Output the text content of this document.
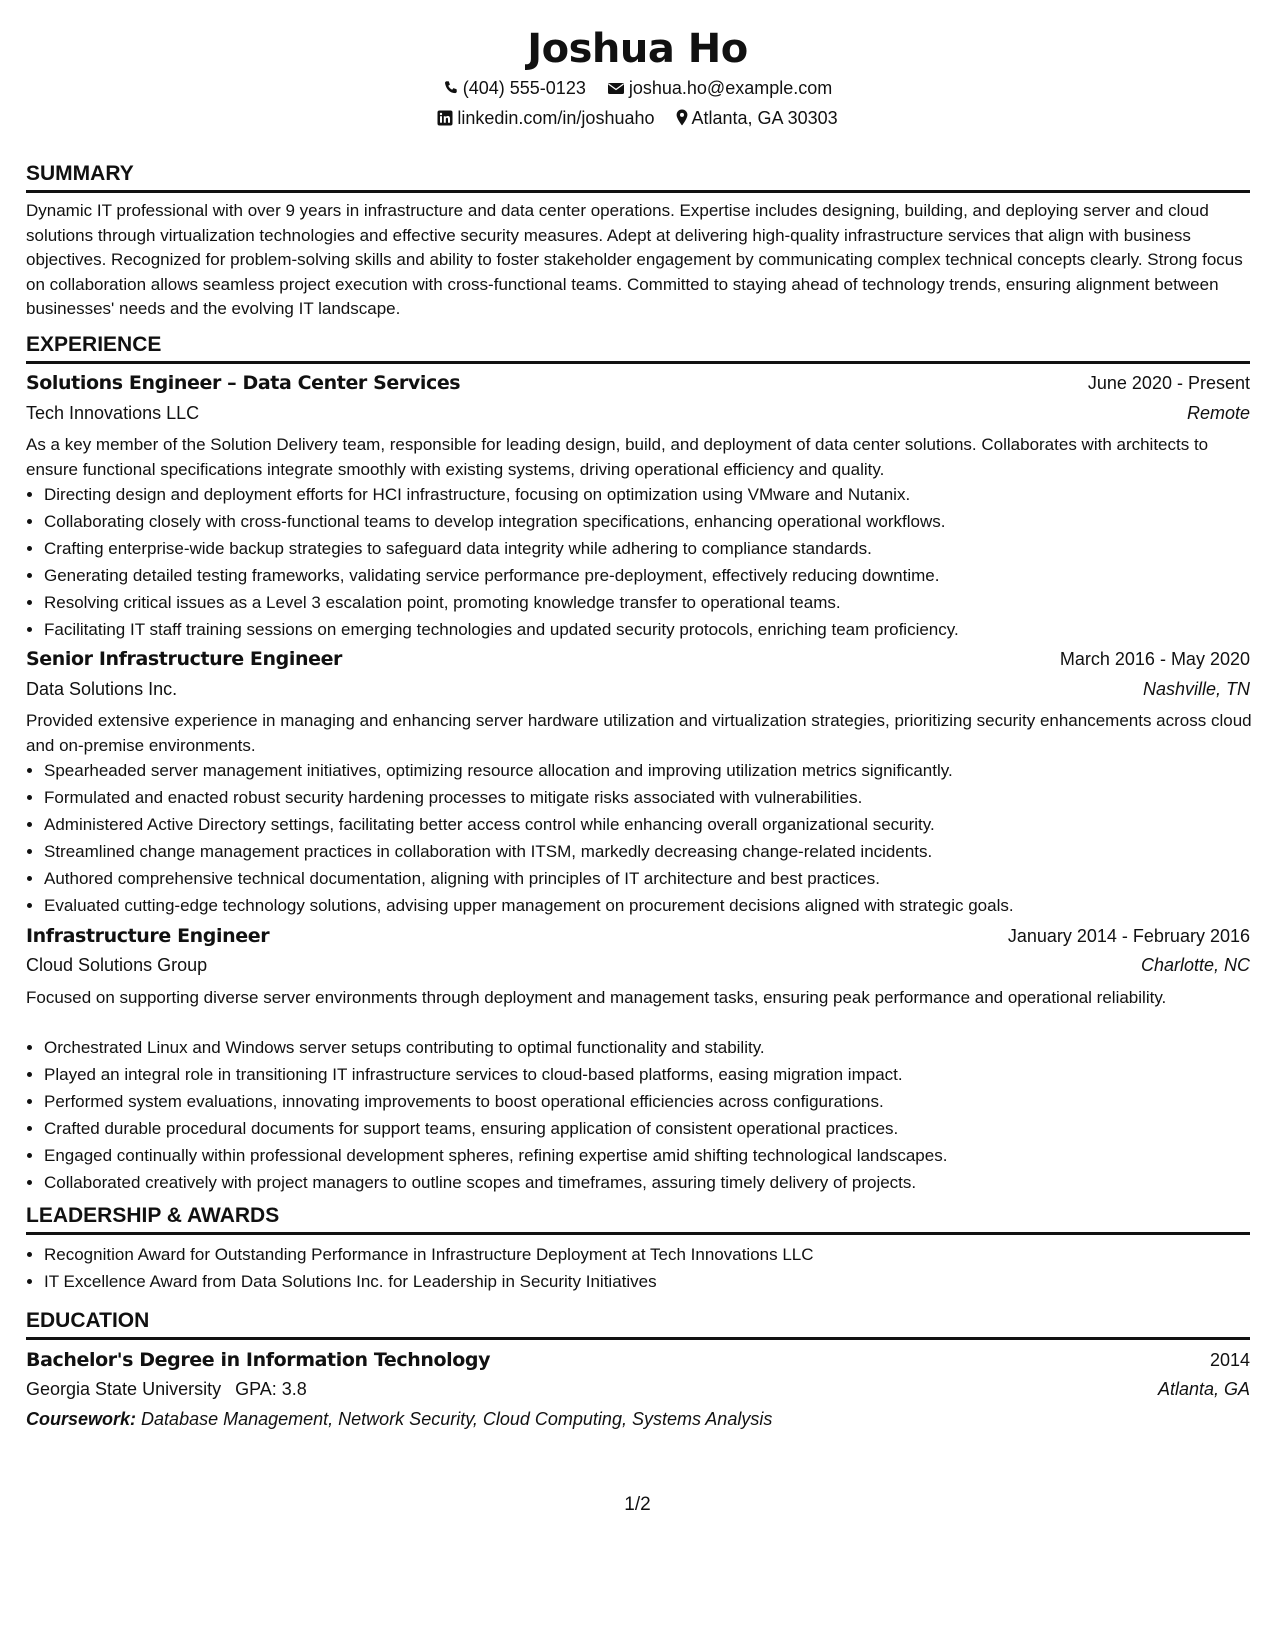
Joshua Ho
(404) 555-0123 joshua.ho@example.com
linkedin.com/in/joshuaho Atlanta, GA 30303
SUMMARY
Dynamic IT professional with over 9 years in infrastructure and data center operations. Expertise includes designing, building, and deploying server and cloud solutions through virtualization technologies and effective security measures. Adept at delivering high-quality infrastructure services that align with business objectives. Recognized for problem-solving skills and ability to foster stakeholder engagement by communicating complex technical concepts clearly. Strong focus on collaboration allows seamless project execution with cross-functional teams. Committed to staying ahead of technology trends, ensuring alignment between businesses' needs and the evolving IT landscape.
EXPERIENCE
Solutions Engineer – Data Center Services	June 2020 - Present
Tech Innovations LLC	Remote
As a key member of the Solution Delivery team, responsible for leading design, build, and deployment of data center solutions. Collaborates with architects to ensure functional specifications integrate smoothly with existing systems, driving operational efficiency and quality.
• Directing design and deployment efforts for HCI infrastructure, focusing on optimization using VMware and Nutanix.
• Collaborating closely with cross-functional teams to develop integration specifications, enhancing operational workflows.
• Crafting enterprise-wide backup strategies to safeguard data integrity while adhering to compliance standards.
• Generating detailed testing frameworks, validating service performance pre-deployment, effectively reducing downtime.
• Resolving critical issues as a Level 3 escalation point, promoting knowledge transfer to operational teams.
• Facilitating IT staff training sessions on emerging technologies and updated security protocols, enriching team proficiency.
Senior Infrastructure Engineer	March 2016 - May 2020
Data Solutions Inc.	Nashville, TN
Provided extensive experience in managing and enhancing server hardware utilization and virtualization strategies, prioritizing security enhancements across cloud and on-premise environments.
• Spearheaded server management initiatives, optimizing resource allocation and improving utilization metrics significantly.
• Formulated and enacted robust security hardening processes to mitigate risks associated with vulnerabilities.
• Administered Active Directory settings, facilitating better access control while enhancing overall organizational security.
• Streamlined change management practices in collaboration with ITSM, markedly decreasing change-related incidents.
• Authored comprehensive technical documentation, aligning with principles of IT architecture and best practices.
• Evaluated cutting-edge technology solutions, advising upper management on procurement decisions aligned with strategic goals.
Infrastructure Engineer	January 2014 - February 2016
Cloud Solutions Group	Charlotte, NC
Focused on supporting diverse server environments through deployment and management tasks, ensuring peak performance and operational reliability.
• Orchestrated Linux and Windows server setups contributing to optimal functionality and stability.
• Played an integral role in transitioning IT infrastructure services to cloud-based platforms, easing migration impact.
• Performed system evaluations, innovating improvements to boost operational efficiencies across configurations.
• Crafted durable procedural documents for support teams, ensuring application of consistent operational practices.
• Engaged continually within professional development spheres, refining expertise amid shifting technological landscapes.
• Collaborated creatively with project managers to outline scopes and timeframes, assuring timely delivery of projects.
LEADERSHIP & AWARDS
• Recognition Award for Outstanding Performance in Infrastructure Deployment at Tech Innovations LLC
• IT Excellence Award from Data Solutions Inc. for Leadership in Security Initiatives
EDUCATION
Bachelor's Degree in Information Technology	2014
Georgia State University GPA: 3.8	Atlanta, GA
Coursework: Database Management, Network Security, Cloud Computing, Systems Analysis
1/2
